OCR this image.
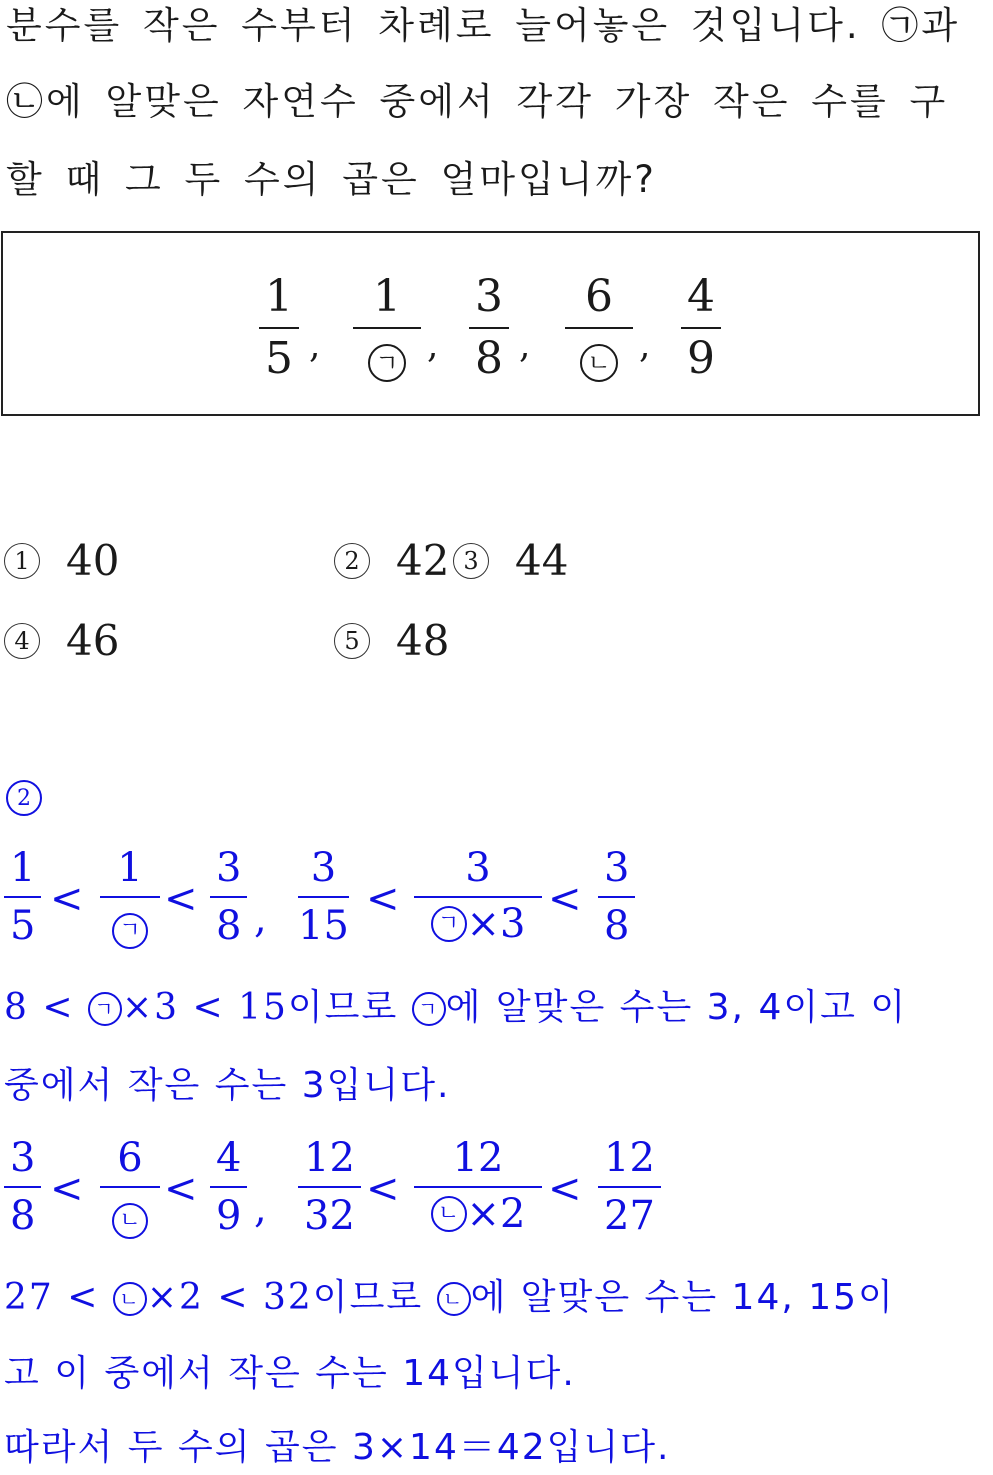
분수를 작은 수부터 차례로 늘어놓은 것입니다. ㉠과
㉡에 알맞은 자연수 중에서 각각 가장 작은 수를 구
할 때 그 두 수의 곱은 얼마입니까?
1
5 ,
1
ㄱ ,
3
8 ,
6
ㄴ ,
4
9
1 40	2 42 3 44
4 46	5 48
2
1
5
<
1
ㄱ
<
3
8 ,
3
15
<
3
ㄱ ×3
<
3
8
8 < ㄱ ×3 < 15이므로 ㄱ 에 알맞은 수는 3, 4이고 이
중에서 작은 수는 3입니다.
3
8
<
6
ㄴ
<
4
9 ,
12
32
<
12
ㄴ ×2
<
12
27
27 < ㄴ ×2 < 32이므로 ㄴ 에 알맞은 수는 14, 15이
고 이 중에서 작은 수는 14입니다.
따라서 두 수의 곱은 3×14＝42입니다.
